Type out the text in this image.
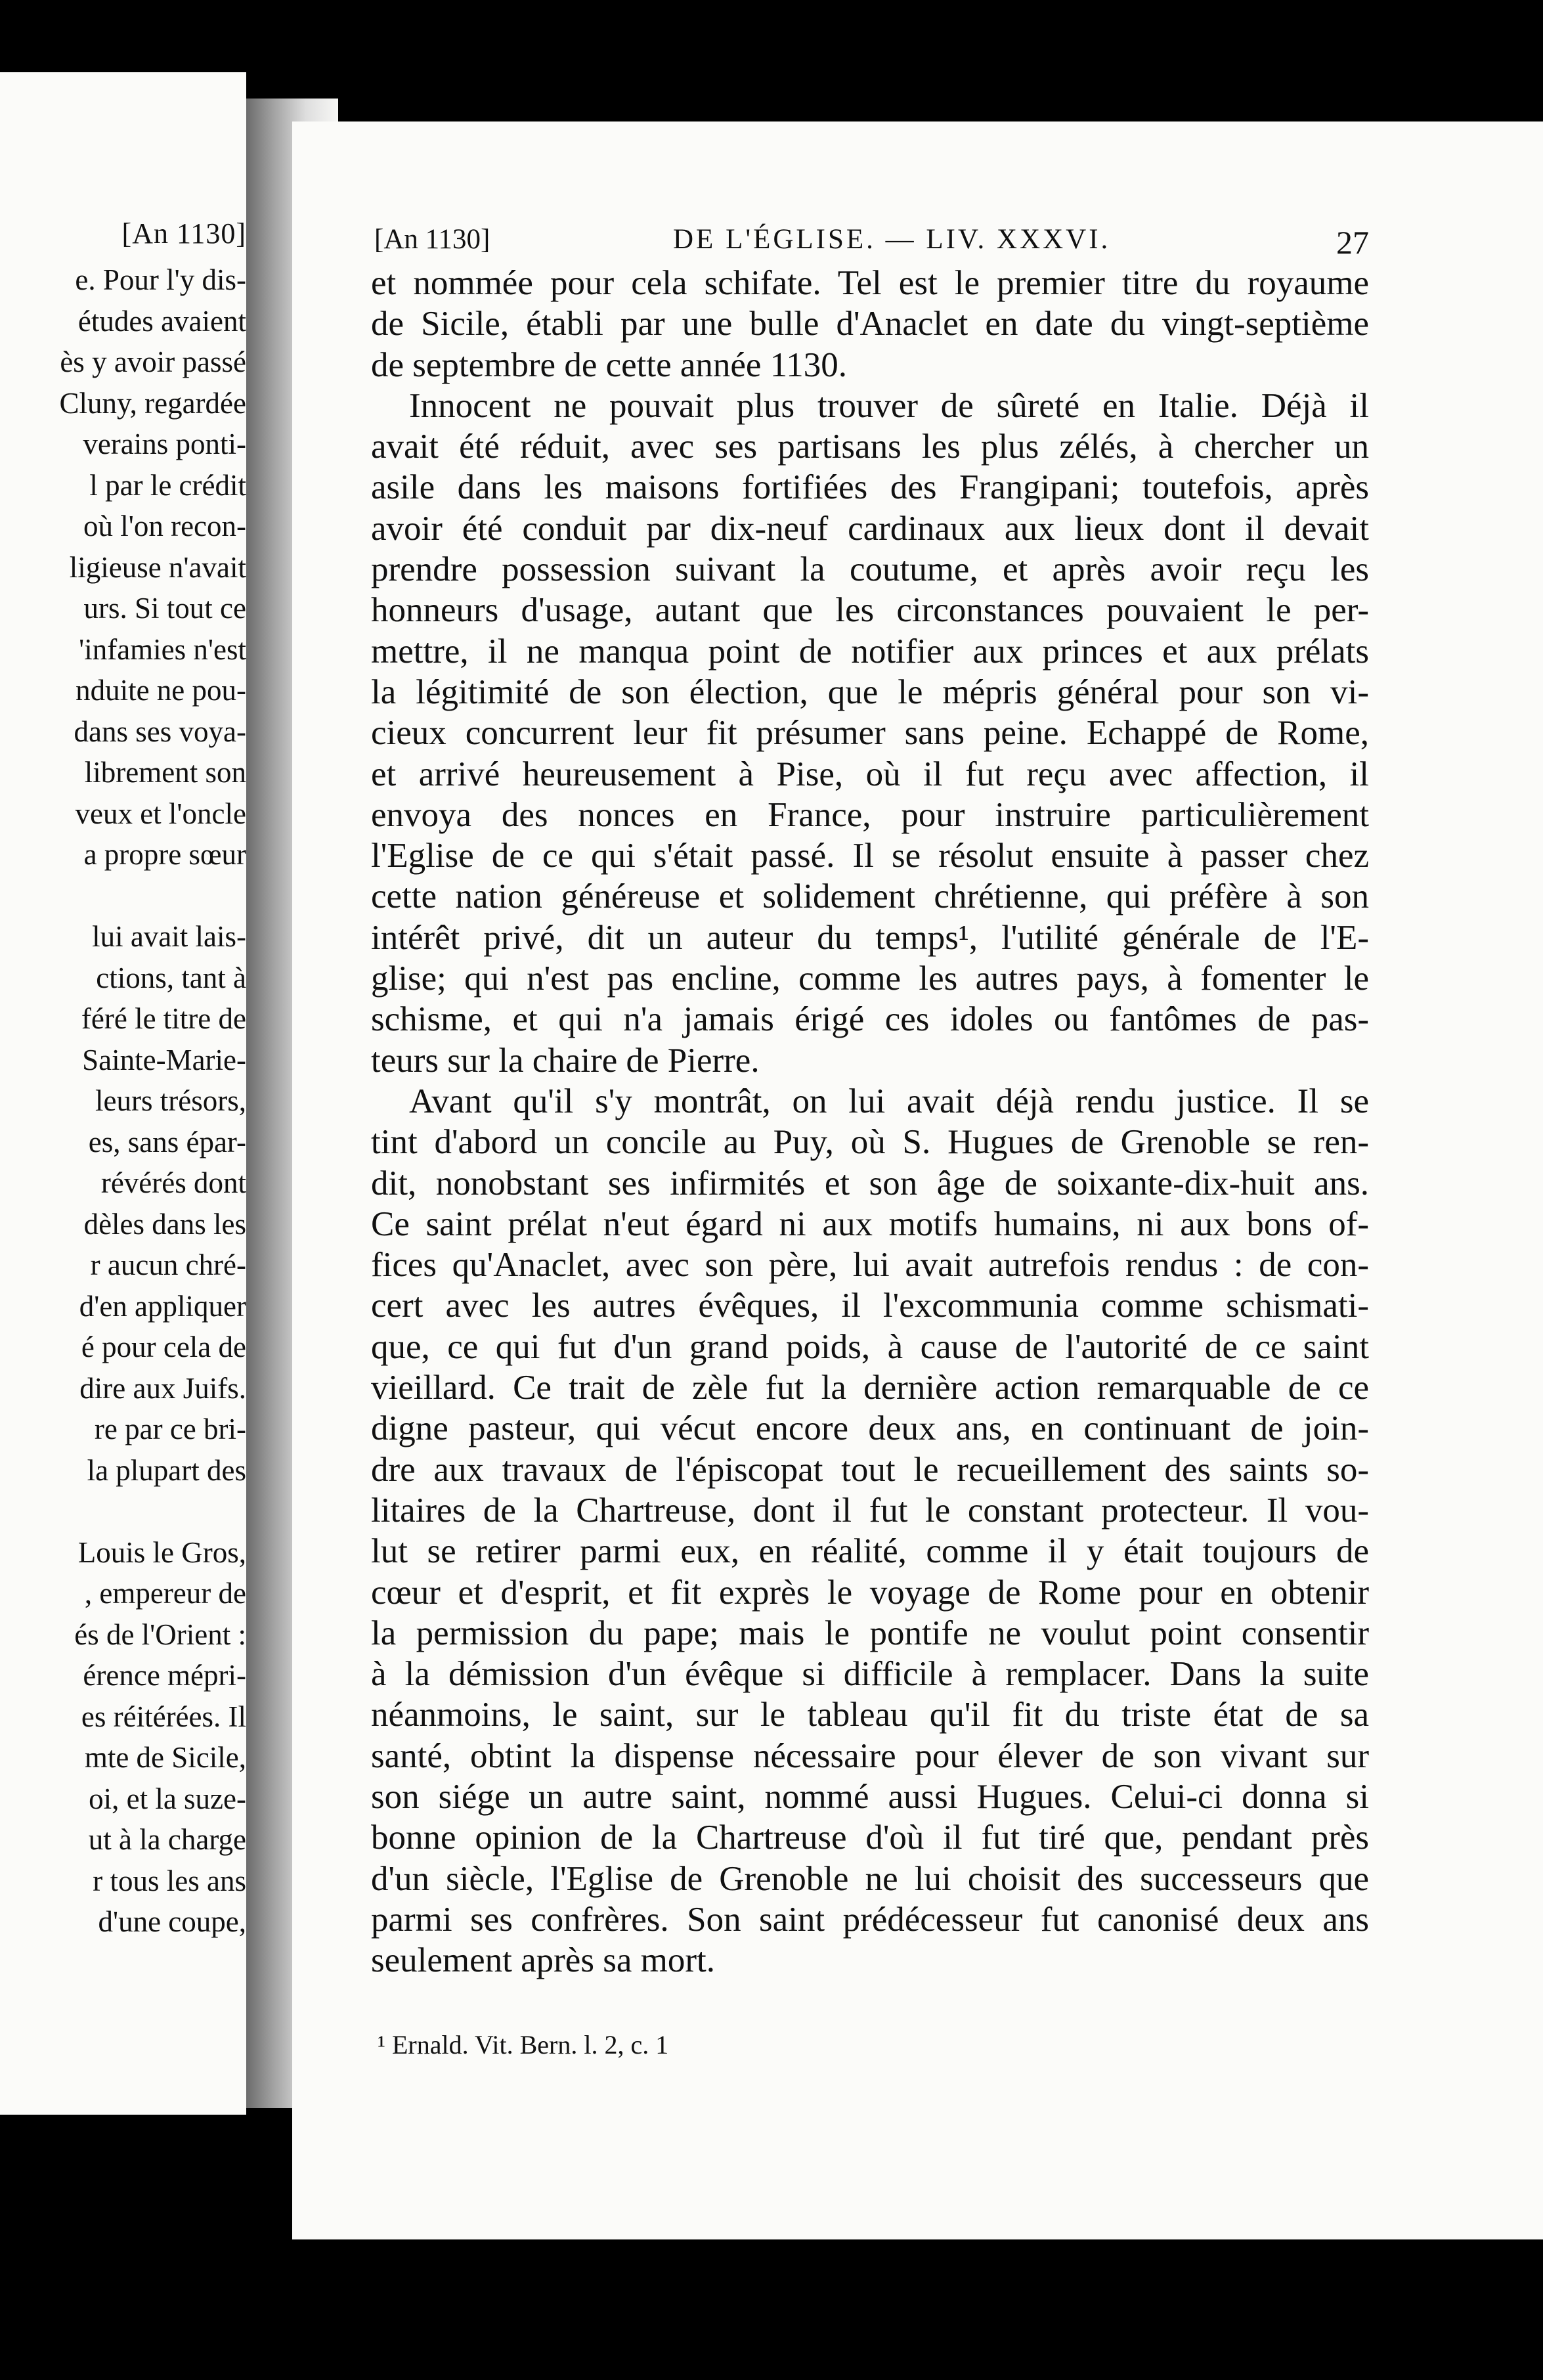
[An 1130]
e. Pour l'y dis-
études avaient
ès y avoir passé
Cluny, regardée
verains ponti-
l par le crédit
où l'on recon-
ligieuse n'avait
urs. Si tout ce
'infamies n'est
nduite ne pou-
dans ses voya-
librement son
veux et l'oncle
a propre sœur
lui avait lais-
ctions, tant à
féré le titre de
Sainte-Marie-
leurs trésors,
es, sans épar-
révérés dont
dèles dans les
r aucun chré-
d'en appliquer
é pour cela de
dire aux Juifs.
re par ce bri-
la plupart des
Louis le Gros,
, empereur de
és de l'Orient :
érence mépri-
es réitérées. Il
mte de Sicile,
oi, et la suze-
ut à la charge
r tous les ans
d'une coupe,
[An 1130]	DE L'ÉGLISE. — LIV. XXXVI.	27
et nommée pour cela schifate. Tel est le premier titre du royaume
de Sicile, établi par une bulle d'Anaclet en date du vingt-septième
de septembre de cette année 1130.
Innocent ne pouvait plus trouver de sûreté en Italie. Déjà il
avait été réduit, avec ses partisans les plus zélés, à chercher un
asile dans les maisons fortifiées des Frangipani; toutefois, après
avoir été conduit par dix-neuf cardinaux aux lieux dont il devait
prendre possession suivant la coutume, et après avoir reçu les
honneurs d'usage, autant que les circonstances pouvaient le per-
mettre, il ne manqua point de notifier aux princes et aux prélats
la légitimité de son élection, que le mépris général pour son vi-
cieux concurrent leur fit présumer sans peine. Echappé de Rome,
et arrivé heureusement à Pise, où il fut reçu avec affection, il
envoya des nonces en France, pour instruire particulièrement
l'Eglise de ce qui s'était passé. Il se résolut ensuite à passer chez
cette nation généreuse et solidement chrétienne, qui préfère à son
intérêt privé, dit un auteur du temps¹, l'utilité générale de l'E-
glise; qui n'est pas encline, comme les autres pays, à fomenter le
schisme, et qui n'a jamais érigé ces idoles ou fantômes de pas-
teurs sur la chaire de Pierre.
Avant qu'il s'y montrât, on lui avait déjà rendu justice. Il se
tint d'abord un concile au Puy, où S. Hugues de Grenoble se ren-
dit, nonobstant ses infirmités et son âge de soixante-dix-huit ans.
Ce saint prélat n'eut égard ni aux motifs humains, ni aux bons of-
fices qu'Anaclet, avec son père, lui avait autrefois rendus : de con-
cert avec les autres évêques, il l'excommunia comme schismati-
que, ce qui fut d'un grand poids, à cause de l'autorité de ce saint
vieillard. Ce trait de zèle fut la dernière action remarquable de ce
digne pasteur, qui vécut encore deux ans, en continuant de join-
dre aux travaux de l'épiscopat tout le recueillement des saints so-
litaires de la Chartreuse, dont il fut le constant protecteur. Il vou-
lut se retirer parmi eux, en réalité, comme il y était toujours de
cœur et d'esprit, et fit exprès le voyage de Rome pour en obtenir
la permission du pape; mais le pontife ne voulut point consentir
à la démission d'un évêque si difficile à remplacer. Dans la suite
néanmoins, le saint, sur le tableau qu'il fit du triste état de sa
santé, obtint la dispense nécessaire pour élever de son vivant sur
son siége un autre saint, nommé aussi Hugues. Celui-ci donna si
bonne opinion de la Chartreuse d'où il fut tiré que, pendant près
d'un siècle, l'Eglise de Grenoble ne lui choisit des successeurs que
parmi ses confrères. Son saint prédécesseur fut canonisé deux ans
seulement après sa mort.
¹ Ernald. Vit. Bern. l. 2, c. 1
